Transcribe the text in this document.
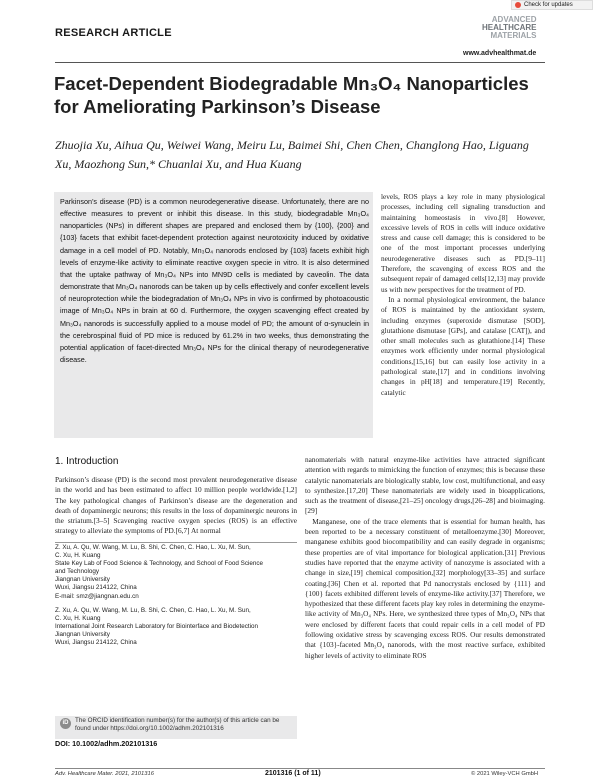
RESEARCH ARTICLE
ADVANCED
HEALTHCARE
MATERIALS
www.advhealthmat.de
Check for updates
Facet-Dependent Biodegradable Mn₃O₄ Nanoparticles for Ameliorating Parkinson’s Disease
Zhuojia Xu, Aihua Qu, Weiwei Wang, Meiru Lu, Baimei Shi, Chen Chen, Changlong Hao, Liguang Xu, Maozhong Sun,* Chuanlai Xu, and Hua Kuang
Parkinson’s disease (PD) is a common neurodegenerative disease. Unfortunately, there are no effective measures to prevent or inhibit this disease. In this study, biodegradable Mn₃O₄ nanoparticles (NPs) in different shapes are prepared and enclosed them by {100}, {200} and {103} facets that exhibit facet-dependent protection against neurotoxicity induced by oxidative damage in a cell model of PD. Notably, Mn₃O₄ nanorods enclosed by {103} facets exhibit high levels of enzyme-like activity to eliminate reactive oxygen specie in vitro. It is also determined that the uptake pathway of Mn₃O₄ NPs into MN9D cells is mediated by caveolin. The data demonstrate that Mn₃O₄ nanorods can be taken up by cells effectively and confer excellent levels of neuroprotection while the biodegradation of Mn₃O₄ NPs in vivo is confirmed by photoacoustic image of Mn₃O₄ NPs in brain at 60 d. Furthermore, the oxygen scavenging effect created by Mn₃O₄ nanorods is successfully applied to a mouse model of PD; the amount of α-synuclein in the cerebrospinal fluid of PD mice is reduced by 61.2% in two weeks, thus demonstrating the potential application of facet-directed Mn₃O₄ NPs for the clinical therapy of neurodegenerative disease.
levels, ROS plays a key role in many physiological processes, including cell signaling transduction and maintaining homeostasis in vivo.[8] However, excessive levels of ROS in cells will induce oxidative stress and cause cell damage; this is considered to be one of the most important processes underlying neurodegenerative diseases such as PD.[9–11] Therefore, the scavenging of excess ROS and the subsequent repair of damaged cells[12,13] may provide us with new perspectives for the treatment of PD.
 In a normal physiological environment, the balance of ROS is maintained by the antioxidant system, including enzymes (superoxide dismutase [SOD], glutathione dismutase [GPs], and catalase [CAT]), and other small molecules such as glutathione.[14] These enzymes work efficiently under normal physiological conditions,[15,16] but can easily lose activity in a pathological state,[17] and in conditions involving changes in pH[18] and temperature.[19] Recently, catalytic
1. Introduction
Parkinson’s disease (PD) is the second most prevalent neurodegenerative disease in the world and has been estimated to affect 10 million people worldwide.[1,2] The key pathological changes of Parkinson’s disease are the degeneration and death of dopaminergic neurons; this results in the loss of dopaminergic neurons in the striatum.[3–5] Scavenging reactive oxygen species (ROS) is an effective strategy to alleviate the symptoms of PD.[6,7] At normal
nanomaterials with natural enzyme-like activities have attracted significant attention with regards to mimicking the function of enzymes; this is because these catalytic nanomaterials are biologically stable, low cost, multifunctional, and easy to synthesize.[17,20] These nanomaterials are widely used in bioapplications, such as the treatment of disease,[21–25] oncology drugs,[26–28] and bioimaging.[29]
 Manganese, one of the trace elements that is essential for human health, has been reported to be a necessary constituent of metalloenzyme.[30] Moreover, manganese exhibits good biocompatibility and can easily degrade in organisms; these properties are of vital importance for biological application.[31] Previous studies have reported that the enzyme activity of nanozyme is associated with a change in size,[19] chemical composition,[32] morphology[33–35] and surface coating.[36] Chen et al. reported that Pd nanocrystals enclosed by {111} and {100} facets exhibited different levels of enzyme-like activity.[37] Therefore, we hypothesized that these different facets play key roles in determining the enzyme-like activity of Mn₃O₄ NPs. Here, we synthesized three types of Mn₃O₄ NPs that were enclosed by different facets that could repair cells in a cell model of PD following oxidative stress by scavenging excess ROS. Our results demonstrated that {103}-faceted Mn₃O₄ nanorods, with the most reactive surface, exhibited higher levels of activity to eliminate ROS
Z. Xu, A. Qu, W. Wang, M. Lu, B. Shi, C. Chen, C. Hao, L. Xu, M. Sun,
C. Xu, H. Kuang
State Key Lab of Food Science & Technology, and School of Food Science
and Technology
Jiangnan University
Wuxi, Jiangsu 214122, China
E-mail: smz@jiangnan.edu.cn
Z. Xu, A. Qu, W. Wang, M. Lu, B. Shi, C. Chen, C. Hao, L. Xu, M. Sun,
C. Xu, H. Kuang
International Joint Research Laboratory for Biointerface and Biodetection
Jiangnan University
Wuxi, Jiangsu 214122, China
iD	The ORCID identification number(s) for the author(s) of this article can be found under https://doi.org/10.1002/adhm.202101316
DOI: 10.1002/adhm.202101316
Adv. Healthcare Mater. 2021, 2101316	2101316 (1 of 11)	© 2021 Wiley-VCH GmbH
